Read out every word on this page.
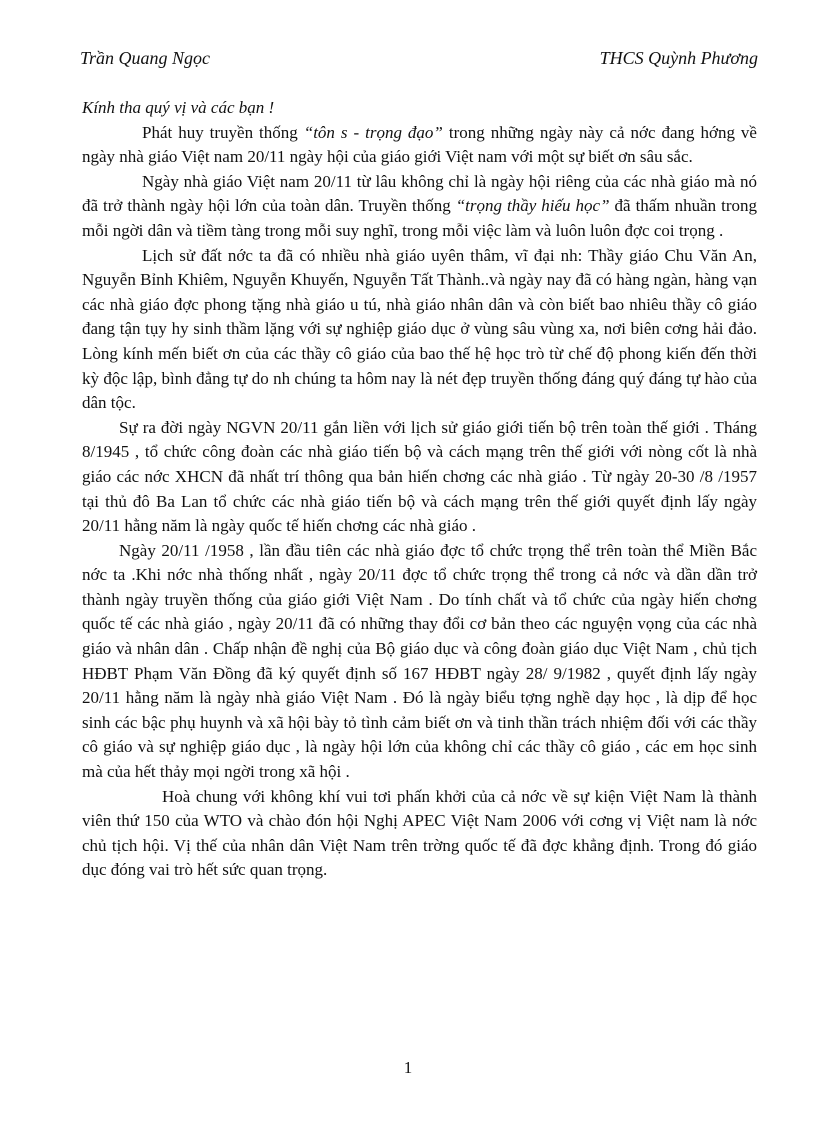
Trần Quang Ngọc	THCS Quỳnh Phương

Kính tha quý vị và các bạn !

Phát huy truyền thống “tôn s - trọng đạo” trong những ngày này cả nớc đang hớng về ngày nhà giáo Việt nam 20/11 ngày hội của giáo giới Việt nam với một sự biết ơn sâu sắc.

Ngày nhà giáo Việt nam 20/11 từ lâu không chỉ là ngày hội riêng của các nhà giáo mà nó đã trở thành ngày hội lớn của toàn dân. Truyền thống “trọng thầy hiếu học” đã thấm nhuần trong mỗi ngời dân và tiềm tàng trong mỗi suy nghĩ, trong mỗi việc làm và luôn luôn đợc coi trọng .

Lịch sử đất nớc ta đã có nhiều nhà giáo uyên thâm, vĩ đại nh: Thầy giáo Chu Văn An, Nguyễn Bỉnh Khiêm, Nguyễn Khuyến, Nguyễn Tất Thành..và ngày nay đã có hàng ngàn, hàng vạn các nhà giáo đợc phong tặng nhà giáo u tú, nhà giáo nhân dân và còn biết bao nhiêu thầy cô giáo đang tận tụy hy sinh thầm lặng với sự nghiệp giáo dục ở vùng sâu vùng xa, nơi biên cơng hải đảo. Lòng kính mến biết ơn của các thầy cô giáo của bao thế hệ học trò từ chế độ phong kiến đến thời kỳ độc lập, bình đẳng tự do nh chúng ta hôm nay là nét đẹp truyền thống đáng quý đáng tự hào của dân tộc.

Sự ra đời ngày NGVN 20/11 gắn liền với lịch sử giáo giới tiến bộ trên toàn thế giới . Tháng 8/1945 , tổ chức công đoàn các nhà giáo tiến bộ và cách mạng trên thế giới với nòng cốt là nhà giáo các nớc XHCN đã nhất trí thông qua bản hiến chơng các nhà giáo . Từ ngày 20-30 /8 /1957 tại thủ đô Ba Lan tổ chức các nhà giáo tiến bộ và cách mạng trên thế giới quyết định lấy ngày 20/11 hằng năm là ngày quốc tế hiến chơng các nhà giáo .

Ngày 20/11 /1958 , lần đầu tiên các nhà giáo đợc tổ chức trọng thể trên toàn thể Miền Bắc nớc ta .Khi nớc nhà thống nhất , ngày 20/11 đợc tổ chức trọng thể trong cả nớc và dần dần trở thành ngày truyền thống của giáo giới Việt Nam . Do tính chất và tổ chức của ngày hiến chơng quốc tế các nhà giáo , ngày 20/11 đã có những thay đổi cơ bản theo các nguyện vọng của các nhà giáo và nhân dân . Chấp nhận đề nghị của Bộ giáo dục và công đoàn giáo dục Việt Nam , chủ tịch HĐBT Phạm Văn Đồng đã ký quyết định số 167 HĐBT ngày 28/ 9/1982 , quyết định lấy ngày 20/11 hằng năm là ngày nhà giáo Việt Nam . Đó là ngày biểu tợng nghề dạy học , là dịp để học sinh các bậc phụ huynh và xã hội bày tỏ tình cảm biết ơn và tinh thần trách nhiệm đối với các thầy cô giáo và sự nghiệp giáo dục , là ngày hội lớn của không chỉ các thầy cô giáo , các em học sinh mà của hết thảy mọi ngời trong xã hội .

Hoà chung với không khí vui tơi phấn khởi của cả nớc về sự kiện Việt Nam là thành viên thứ 150 của WTO và chào đón hội Nghị APEC Việt Nam 2006 với cơng vị Việt nam là nớc chủ tịch hội. Vị thế của nhân dân Việt Nam trên trờng quốc tế đã đợc khẳng định. Trong đó giáo dục đóng vai trò hết sức quan trọng.

1
